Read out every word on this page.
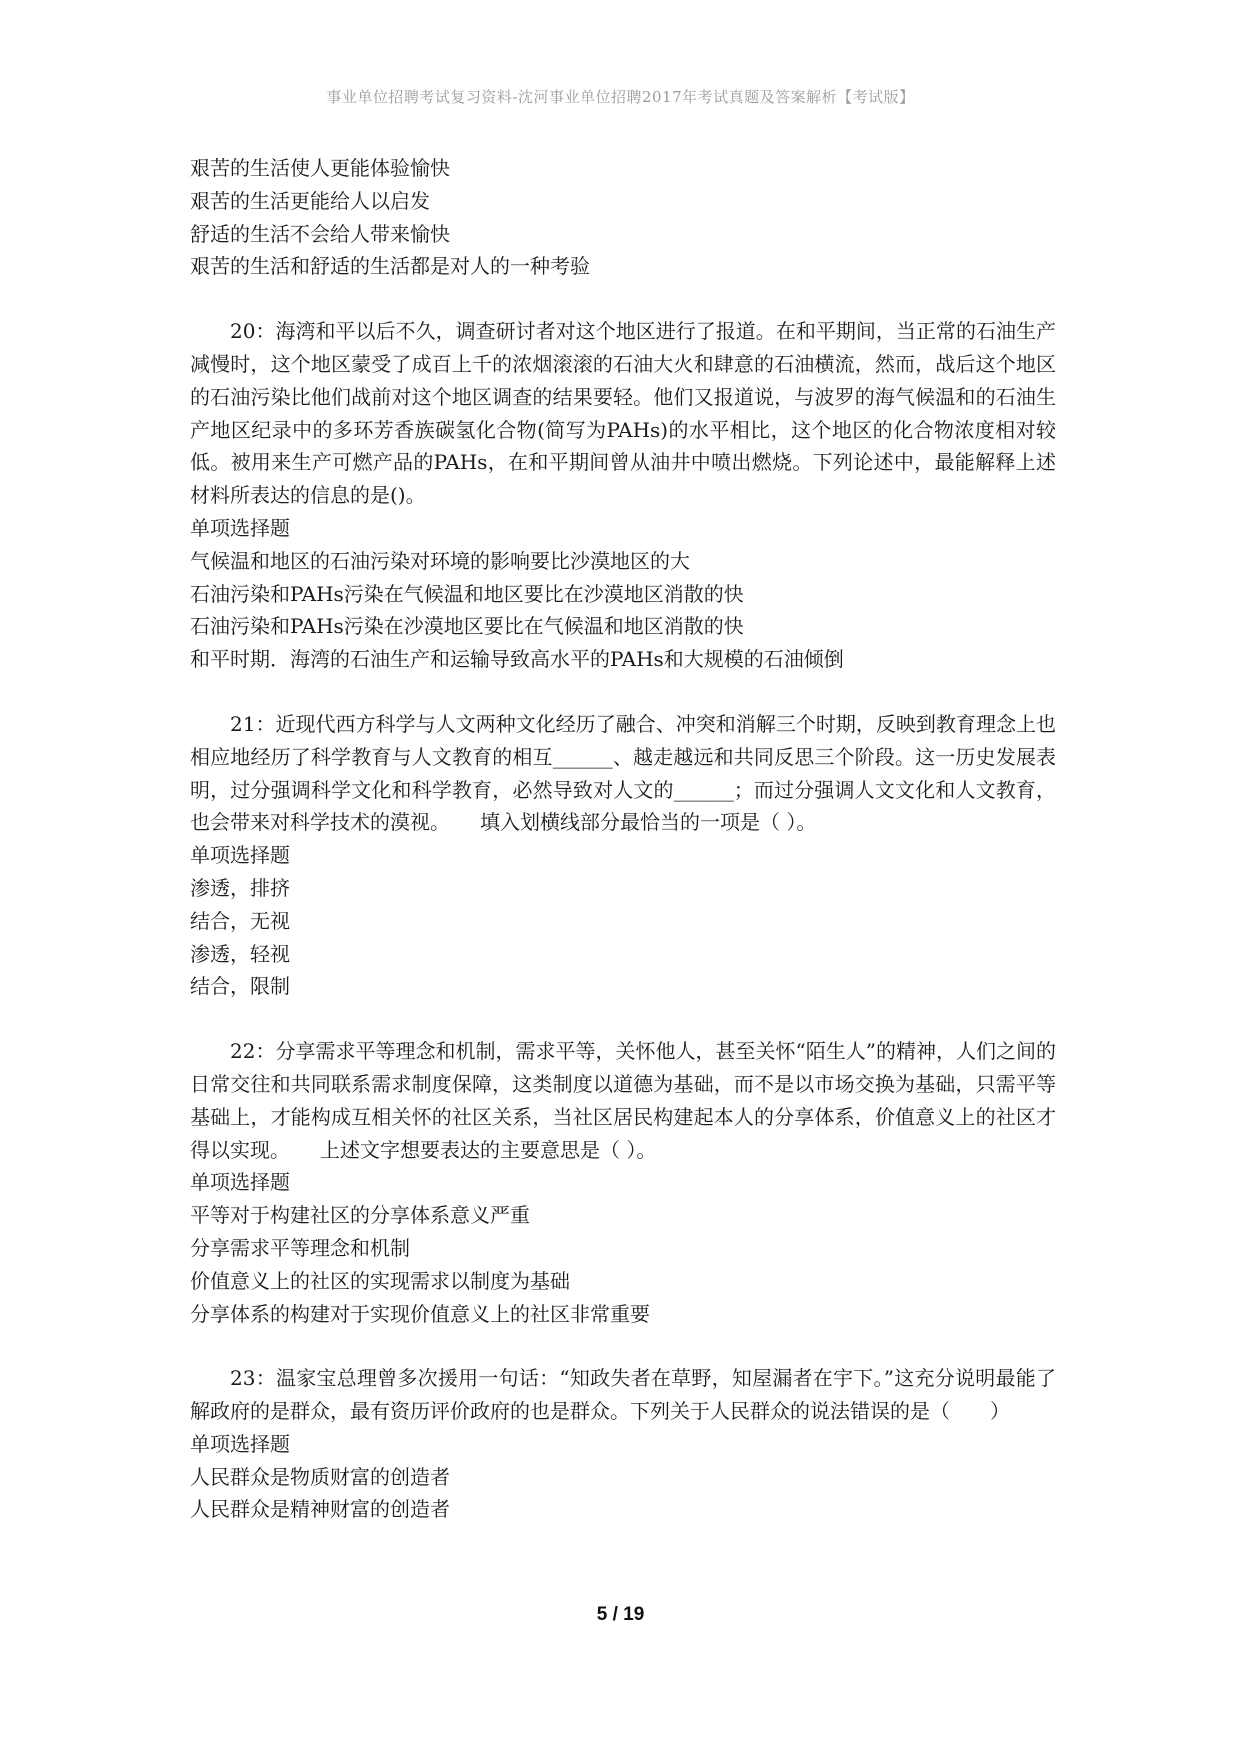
事业单位招聘考试复习资料-沈河事业单位招聘2017年考试真题及答案解析【考试版】
艰苦的生活使人更能体验愉快
艰苦的生活更能给人以启发
舒适的生活不会给人带来愉快
艰苦的生活和舒适的生活都是对人的一种考验

20：海湾和平以后不久，调查研讨者对这个地区进行了报道。在和平期间，当正常的石油生产减慢时，这个地区蒙受了成百上千的浓烟滚滚的石油大火和肆意的石油横流，然而，战后这个地区的石油污染比他们战前对这个地区调查的结果要轻。他们又报道说，与波罗的海气候温和的石油生产地区纪录中的多环芳香族碳氢化合物(简写为PAHs)的水平相比，这个地区的化合物浓度相对较低。被用来生产可燃产品的PAHs，在和平期间曾从油井中喷出燃烧。下列论述中，最能解释上述材料所表达的信息的是()。

单项选择题
气候温和地区的石油污染对环境的影响要比沙漠地区的大
石油污染和PAHs污染在气候温和地区要比在沙漠地区消散的快
石油污染和PAHs污染在沙漠地区要比在气候温和地区消散的快
和平时期．海湾的石油生产和运输导致高水平的PAHs和大规模的石油倾倒

21：近现代西方科学与人文两种文化经历了融合、冲突和消解三个时期，反映到教育理念上也相应地经历了科学教育与人文教育的相互______、越走越远和共同反思三个阶段。这一历史发展表明，过分强调科学文化和科学教育，必然导致对人文的______；而过分强调人文文化和人文教育，也会带来对科学技术的漠视。　　填入划横线部分最恰当的一项是（ ）。

单项选择题
渗透，排挤
结合，无视
渗透，轻视
结合，限制

22：分享需求平等理念和机制，需求平等，关怀他人，甚至关怀“陌生人”的精神，人们之间的日常交往和共同联系需求制度保障，这类制度以道德为基础，而不是以市场交换为基础，只需平等基础上，才能构成互相关怀的社区关系，当社区居民构建起本人的分享体系，价值意义上的社区才得以实现。　　上述文字想要表达的主要意思是（ ）。

单项选择题
平等对于构建社区的分享体系意义严重
分享需求平等理念和机制
价值意义上的社区的实现需求以制度为基础
分享体系的构建对于实现价值意义上的社区非常重要

23：温家宝总理曾多次援用一句话：“知政失者在草野，知屋漏者在宇下。”这充分说明最能了解政府的是群众，最有资历评价政府的也是群众。下列关于人民群众的说法错误的是（　　）

单项选择题
人民群众是物质财富的创造者
人民群众是精神财富的创造者
5 / 19
